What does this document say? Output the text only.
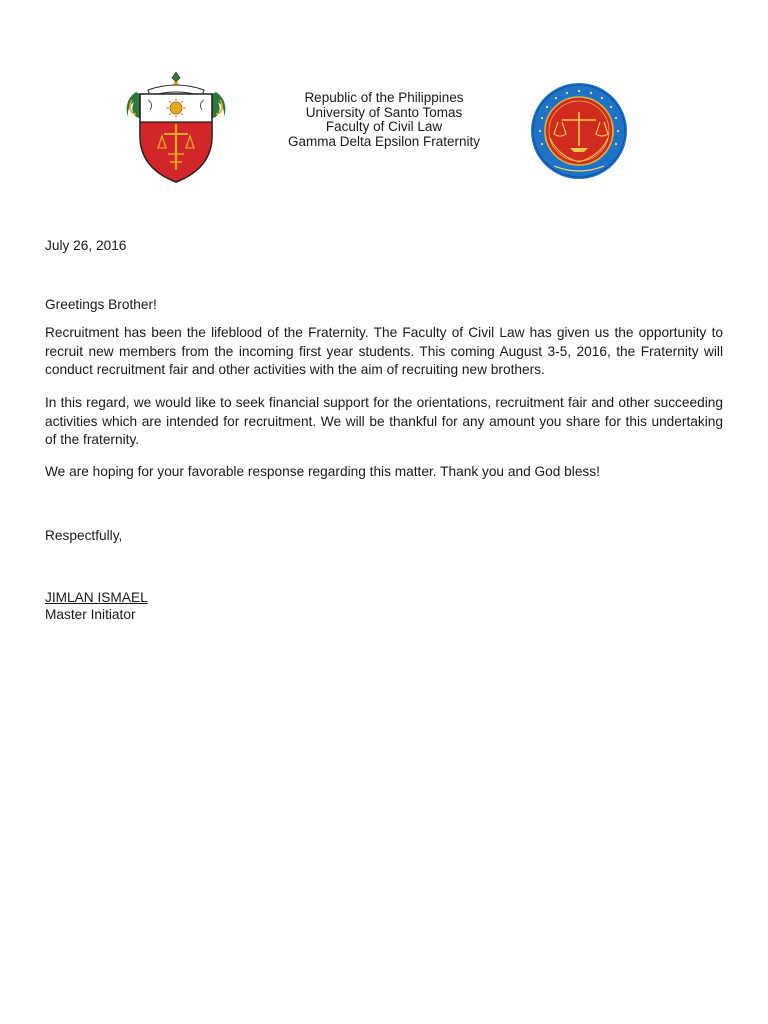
Republic of the Philippines
University of Santo Tomas
Faculty of Civil Law
Gamma Delta Epsilon Fraternity
July 26, 2016
Greetings Brother!
Recruitment has been the lifeblood of the Fraternity. The Faculty of Civil Law has given us the opportunity to recruit new members from the incoming first year students. This coming August 3-5, 2016, the Fraternity will conduct recruitment fair and other activities with the aim of recruiting new brothers.
In this regard, we would like to seek financial support for the orientations, recruitment fair and other succeeding activities which are intended for recruitment. We will be thankful for any amount you share for this undertaking of the fraternity.
We are hoping for your favorable response regarding this matter. Thank you and God bless!
Respectfully,
JIMLAN ISMAEL
Master Initiator
